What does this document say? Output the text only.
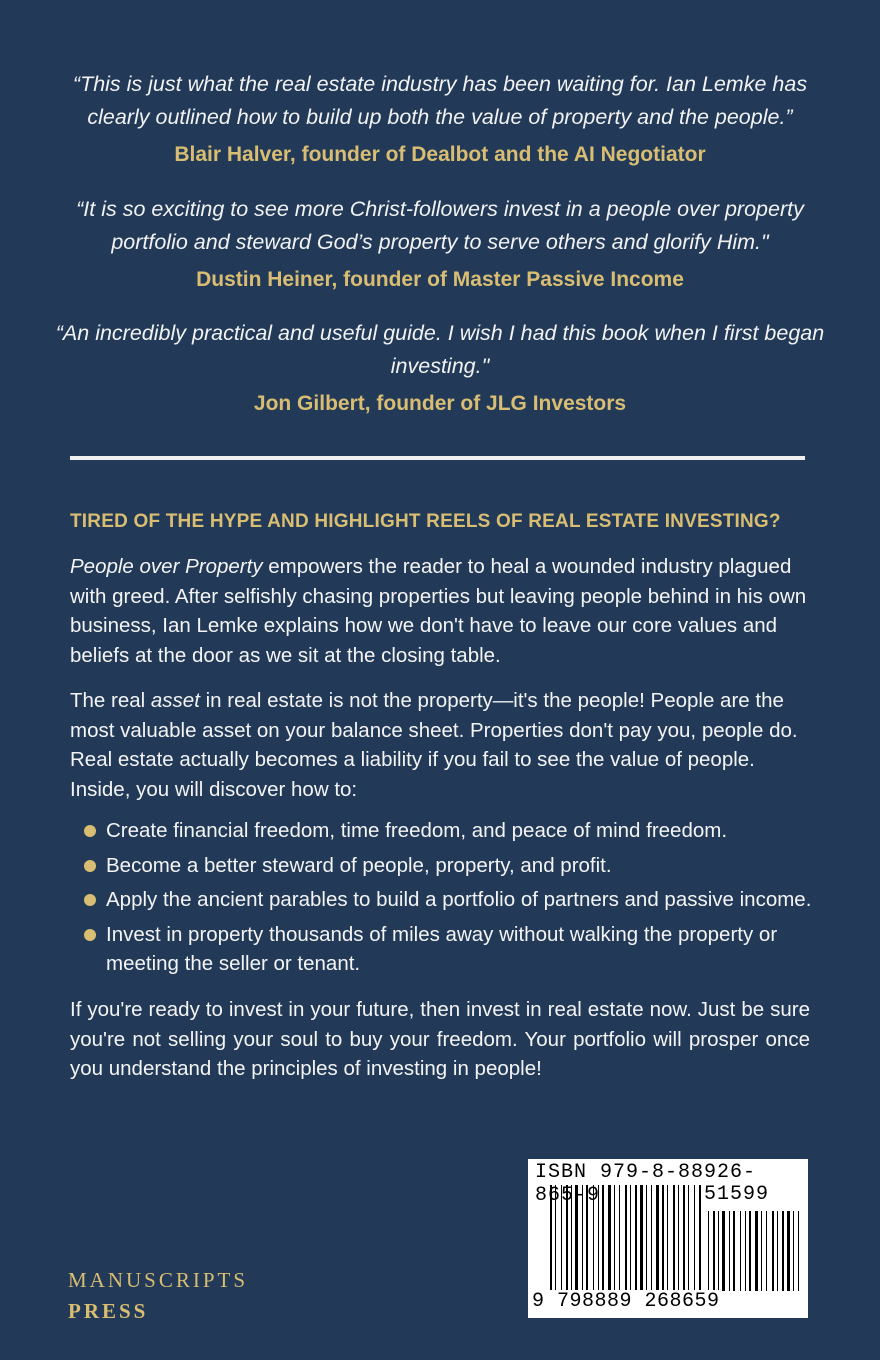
“This is just what the real estate industry has been waiting for. Ian Lemke has clearly outlined how to build up both the value of property and the people.”

Blair Halver, founder of Dealbot and the AI Negotiator

“It is so exciting to see more Christ-followers invest in a people over property portfolio and steward God’s property to serve others and glorify Him."

Dustin Heiner, founder of Master Passive Income

“An incredibly practical and useful guide. I wish I had this book when I first began investing."

Jon Gilbert, founder of JLG Investors
TIRED OF THE HYPE AND HIGHLIGHT REELS OF REAL ESTATE INVESTING?

People over Property empowers the reader to heal a wounded industry plagued with greed. After selfishly chasing properties but leaving people behind in his own business, Ian Lemke explains how we don't have to leave our core values and beliefs at the door as we sit at the closing table.

The real asset in real estate is not the property—it's the people! People are the most valuable asset on your balance sheet. Properties don't pay you, people do. Real estate actually becomes a liability if you fail to see the value of people. Inside, you will discover how to:

Create financial freedom, time freedom, and peace of mind freedom.
Become a better steward of people, property, and profit.
Apply the ancient parables to build a portfolio of partners and passive income.
Invest in property thousands of miles away without walking the property or meeting the seller or tenant.

If you're ready to invest in your future, then invest in real estate now. Just be sure you're not selling your soul to buy your freedom. Your portfolio will prosper once you understand the principles of investing in people!

MANUSCRIPTS
PRESS
ISBN 979-8-88926-865-9	51599
9 798889 268659
